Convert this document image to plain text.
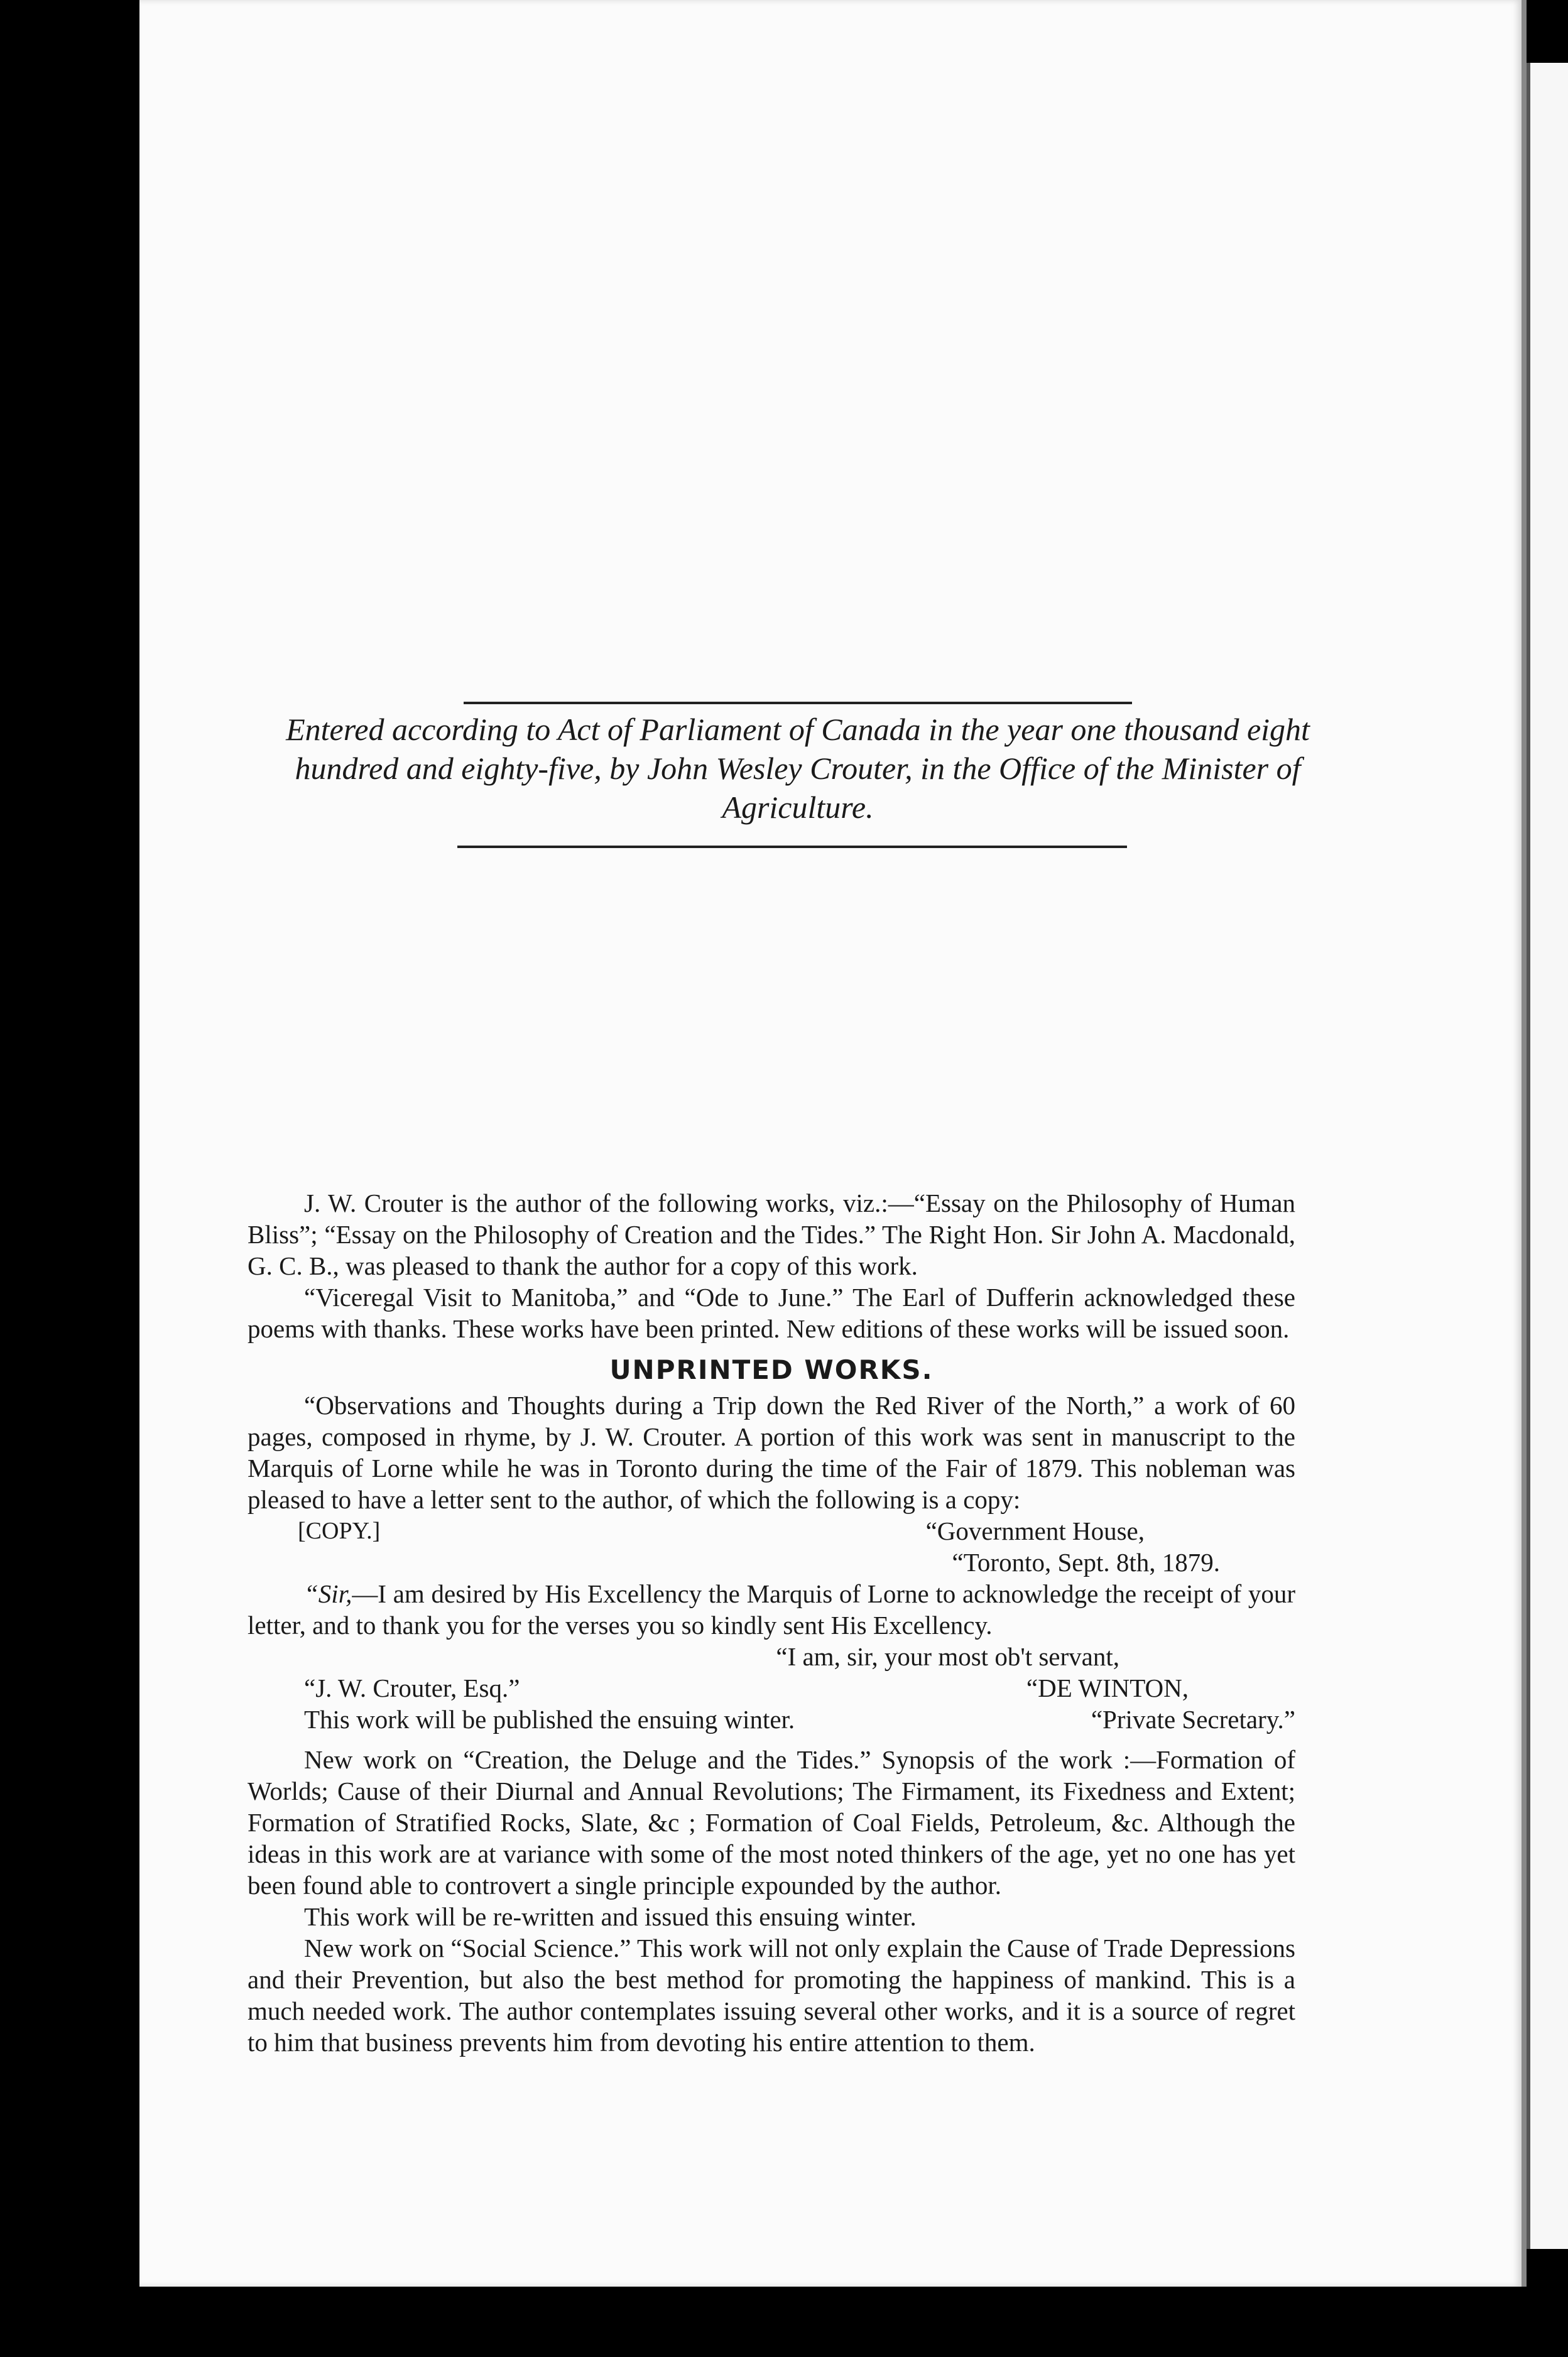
Entered according to Act of Parliament of Canada in the year one thousand eight hundred and eighty-five, by John Wesley Crouter, in the Office of the Minister of Agriculture.

J. W. Crouter is the author of the following works, viz.:—“Essay on the Philosophy of Human Bliss”; “Essay on the Philosophy of Creation and the Tides.” The Right Hon. Sir John A. Macdonald, G. C. B., was pleased to thank the author for a copy of this work.

“Viceregal Visit to Manitoba,” and “Ode to June.” The Earl of Dufferin acknowledged these poems with thanks. These works have been printed. New editions of these works will be issued soon.

UNPRINTED WORKS.

“Observations and Thoughts during a Trip down the Red River of the North,” a work of 60 pages, composed in rhyme, by J. W. Crouter. A portion of this work was sent in manuscript to the Marquis of Lorne while he was in Toronto during the time of the Fair of 1879. This nobleman was pleased to have a letter sent to the author, of which the following is a copy:

[COPY.]	“Government House,

“Toronto, Sept. 8th, 1879.

“Sir,—I am desired by His Excellency the Marquis of Lorne to acknowledge the receipt of your letter, and to thank you for the verses you so kindly sent His Excellency.

“I am, sir, your most ob't servant,

“J. W. Crouter, Esq.”	“DE WINTON,

This work will be published the ensuing winter.	“Private Secretary.”

New work on “Creation, the Deluge and the Tides.” Synopsis of the work :—Formation of Worlds; Cause of their Diurnal and Annual Revolutions; The Firmament, its Fixedness and Extent; Formation of Stratified Rocks, Slate, &c ; Formation of Coal Fields, Petroleum, &c. Although the ideas in this work are at variance with some of the most noted thinkers of the age, yet no one has yet been found able to controvert a single principle expounded by the author.

This work will be re-written and issued this ensuing winter.

New work on “Social Science.” This work will not only explain the Cause of Trade Depressions and their Prevention, but also the best method for promoting the happiness of mankind. This is a much needed work. The author contemplates issuing several other works, and it is a source of regret to him that business prevents him from devoting his entire attention to them.
